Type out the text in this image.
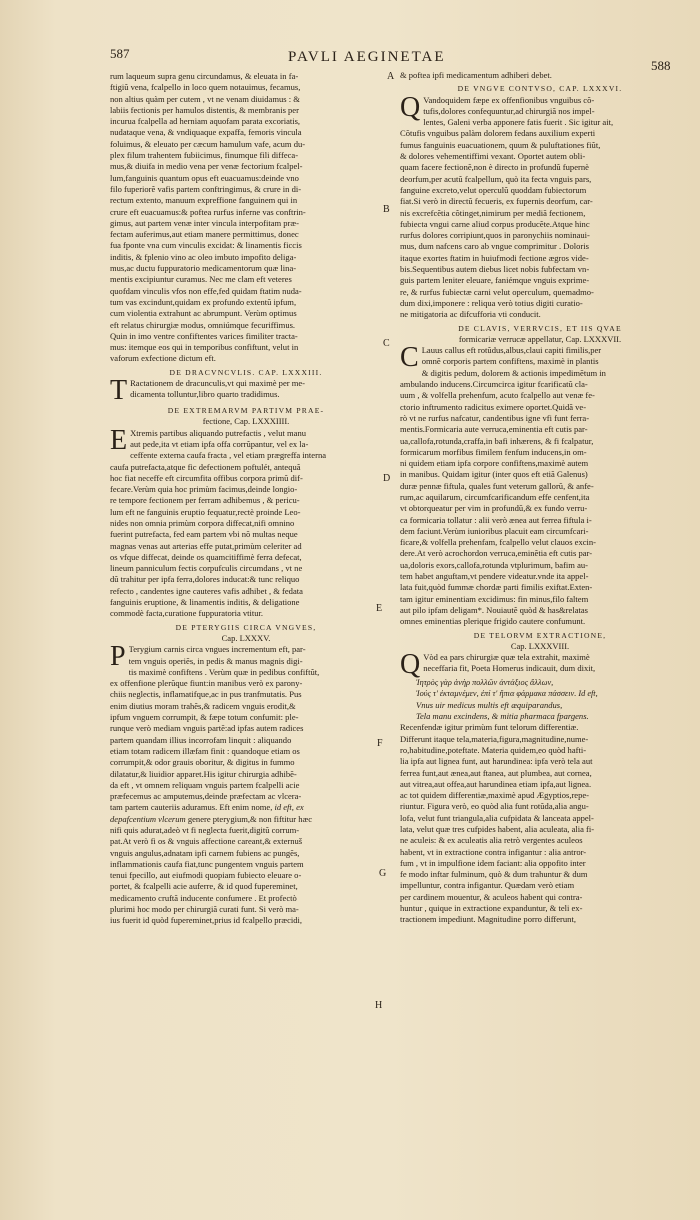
587	PAVLI AEGINETAE
588
A
B
C
D
E
F
G
H
rum laqueum supra genu circundamus, & eleuata in fa-
ftigiũ vena, fcalpello in loco quem notauimus, fecamus,
non altius quàm per cutem , vt ne venam diuidamus : &
labiis fectionis per hamulos distentis, & membranis per
incurua fcalpella ad herniam aquofam parata excoriatis,
nudataque vena, & vndiquaque expaffa, femoris vincula
foluimus, & eleuato per cæcum hamulum vafe, acum du-
plex filum trahentem fubiicimus, finumque fili diffeca-
mus,& diuifa in medio vena per venæ fectorium fcalpel-
lum,fanguinis quantum opus eft euacuamus:deinde vno
filo fuperiorẽ vafis partem conftringimus, & crure in di-
rectum extento, manuum expreffione fanguinem qui in
crure eft euacuamus:& poftea rurfus inferne vas conftrin-
gimus, aut partem venæ inter vincula interpofitam præ-
fectam auferimus,aut etiam manere permittimus, donec
fua fponte vna cum vinculis excidat: & linamentis ficcis
inditis, & fplenio vino ac oleo imbuto impofito deliga-
mus,ac ductu fuppuratorio medicamentorum quæ lina-
mentis excipiuntur curamus. Nec me clam eft veteres
quofdam vinculis vfos non effe,fed quidam ftatim nuda-
tum vas excindunt,quidam ex profundo extentũ ipfum,
cum violentia extrahunt ac abrumpunt. Verùm optimus
eft relatus chirurgiæ modus, omniúmque fecuriffimus.
Quin in imo ventre confiftentes varices fimiliter tracta-
mus: itemque eos qui in temporibus confiftunt, velut in
vaforum exfectione dictum eft.
DE DRACVNCVLIS. CAP. LXXXIII.
T Ractationem de dracunculis,vt qui maximè per me-
dicamenta tolluntur,libro quarto tradidimus.
DE EXTREMARVM PARTIVM PRAE-
fectione, Cap. LXXXIIII.
E Xtremis partibus aliquando putrefactis , velut manu
aut pede,ita vt etiam ipfa offa corrũpantur, vel ex la-
ceffente externa caufa fracta , vel etiam prægreffa interna
caufa putrefacta,atque fic defectionem poftulét, antequã
hoc fiat neceffe eft circumfita offibus corpora primũ dif-
fecare.Verùm quia hoc primùm facimus,deinde longio-
re tempore fectionem per ferram adhibemus , & pericu-
lum eft ne fanguinis eruptio fequatur,rectè proinde Leo-
nides non omnia primùm corpora diffecat,nifi omnino
fuerint putrefacta, fed eam partem vbi nõ multas neque
magnas venas aut arterias effe putat,primùm celeriter ad
os vfque diffecat, deinde os quamcitiffimè ferra defecat,
lineum panniculum fectis corpufculis circumdans , vt ne
dũ trahitur per ipfa ferra,dolores inducat:& tunc reliquo
refecto , candentes igne cauteres vafis adhibet , & fedata
fanguinis eruptione, & linamentis inditis, & deligatione
commodè facta,curatione fuppuratoria vtitur.
DE PTERYGIIS CIRCA VNGVES,
Cap. LXXXV.
P Terygium carnis circa vngues incrementum eft, par-
tem vnguis operiẽs, in pedis & manus magnis digi-
tis maximè confiftens . Verùm quæ in pedibus confiftũt,
ex offenfione plerũque fiunt:in manibus verò ex parony-
chiis neglectis, inflamatifque,ac in pus tranfmutatis. Pus
enim diutius moram trahẽs,& radicem vnguis erodit,&
ipfum vnguem corrumpit, & fæpe totum confumit: ple-
runque verò mediam vnguis partẽ:ad ipfas autem radices
partem quandam illius incorrofam linquit : aliquando
etiam totam radicem illæfam finit : quandoque etiam os
corrumpit,& odor grauis oboritur, & digitus in fummo
dilatatur,& liuidior apparet.His igitur chirurgia adhibẽ-
da eft , vt omnem reliquam vnguis partem fcalpelli acie
præfecemus ac amputemus,deinde præfectam ac vlcera-
tam partem cauteriis aduramus. Eft enim nome, id eft, ex
depafcentium vlcerum genere pterygium,& non fiftitur hæc
nifi quis adurat,adeò vt fi neglecta fuerit,digitũ corrum-
pat.At verò fi os & vnguis affectione careant,& externuš
vnguis angulus,adnatam ipfi carnem fubiens ac pungẽs,
inflammationis caufa fiat,tunc pungentem vnguis partem
tenui fpecillo, aut eiufmodi quopiam fubiecto eleuare o-
portet, & fcalpelli acie auferre, & id quod fupereminet,
medicamento cruftã inducente confumere . Et profectò
plurimi hoc modo per chirurgiã curati funt. Si verò ma-
ius fuerit id quòd fupereminet,prius id fcalpello præcidi,
& poftea ipfi medicamentum adhiberi debet.
DE VNGVE CONTVSO, CAP. LXXXVI.
Q Vandoquidem fæpe ex offenfionibus vnguibus cõ-
tufis,dolores confequuntur,ad chirurgiã nos impel-
lentes, Galeni verba apponere fatis fuerit . Sic igitur ait,
Cõtufis vnguibus palàm dolorem fedans auxilium experti
fumus fanguinis euacuationem, quum & puluftationes fiũt,
& dolores vehementiffimi vexant. Oportet autem obli-
quam facere fectionẽ,non è directo in profundũ fupernè
deorfum,per acutũ fcalpellum, quò ita fecta vnguis pars,
fanguine excreto,velut operculũ quoddam fubiectorum
fiat.Si verò in directũ fecueris, ex fupernis deorfum, car-
nis excrefcẽtia cõtinget,nimirum per mediã fectionem,
fubiecta vngui carne aliud corpus producẽte.Atque hinc
rurfus dolores corripiunt,quos in paronychiis nominaui-
mus, dum nafcens caro ab vngue comprimitur . Doloris
itaque exortes ftatim in huiufmodi fectione ægros vide-
bis.Sequentibus autem diebus licet nobis fubfectam vn-
guis partem leniter eleuare, faniémque vnguis exprime-
re, & rurfus fubiectæ carni velut operculum, quemadmo-
dum dixi,imponere : reliqua verò totius digiti curatio-
ne mitigatoria ac difcufforia vti conducit.
DE CLAVIS, VERRVCIS, ET IIS QVAE
formicariæ verrucæ appellatur, Cap. LXXXVII.
C Lauus callus eft rotũdus,albus,claui capiti fimilis,per
omnẽ corporis partem confiftens, maximè in plantis
& digitis pedum, dolorem & actionis impedimẽtum in
ambulando inducens.Circumcirca igitur fcarificatũ cla-
uum , & volfella prehenfum, acuto fcalpello aut venæ fe-
ctorio inftrumento radicitus eximere oportet.Quidã ve-
rò vt ne rurfus nafcatur, candentibus igne vfi funt ferra-
mentis.Formicaria aute verruca,eminentia eft cutis par-
ua,callofa,rotunda,craffa,in bafi inhærens, & fi fcalpatur,
formicarum morfibus fimilem fenfum inducens,in om-
ni quidem etiam ipfa corpore confiftens,maximè autem
in manibus. Quidam igitur (inter quos eft etiã Galenus)
duræ pennæ fiftula, quales funt veterum gallorũ, & anfe-
rum,ac aquilarum, circumfcarificandum effe cenfent,ita
vt obtorqueatur per vim in profundũ,& ex fundo verru-
ca formicaria tollatur : alii verò ænea aut ferrea fiftula i-
dem faciunt.Verùm iunioribus placuit eam circumfcari-
ficare,& volfella prehenfam, fcalpello velut clauos excin-
dere.At verò acrochordon verruca,eminẽtia eft cutis par-
ua,doloris exors,callofa,rotunda vtplurimum, bafim au-
tem habet anguftam,vt pendere videatur.vnde ita appel-
lata fuit,quòd fummæ chordæ parti fimilis exiftat.Exten-
tam igitur eminentiam excidimus: fin minus,filo faltem
aut pilo ipfam deligam*. Nouiautẽ quòd & has&relatas
omnes eminentias plerique frigido cautere confumunt.
DE TELORVM EXTRACTIONE,
Cap. LXXXVIII.
Q Vòd ea pars chirurgiæ quæ tela extrahit, maximè
neceffaria fit, Poeta Homerus indicauit, dum dixit,
Ἰητρὸς γὰρ ἀνὴρ πολλῶν ἀντάξιος ἄλλων,
Ἰούς τ' ἐκταμνέμεν, ἐπί τ' ἤπια φάρμακα πάσσειν. Id eft,
Vnus uir medicus multis eft æquiparandus,
Tela manu excindens, & mitia pharmaca fpargens.
Recenfendæ igitur primùm funt telorum differentiæ.
Differunt itaque tela,materia,figura,magnitudine,nume-
ro,habitudine,poteftate. Materia quidem,eo quòd hafti-
lia ipfa aut lignea funt, aut harundinea: ipfa verò tela aut
ferrea funt,aut ænea,aut ftanea, aut plumbea, aut cornea,
aut vitrea,aut offea,aut harundinea etiam ipfa,aut lignea.
ac tot quidem differentiæ,maximè apud Ægyptios,repe-
riuntur. Figura verò, eo quòd alia funt rotũda,alia angu-
lofa, velut funt triangula,alia cufpidata & lanceata appel-
lata, velut quæ tres cufpides habent, alia aculeata, alia fi-
ne aculeis: & ex aculeatis alia retrò vergentes aculeos
habent, vt in extractione contra infigantur : alia antror-
fum , vt in impulfione idem faciant: alia oppofito inter
fe modo inftar fulminum, quò & dum trahuntur & dum
impelluntur, contra infigantur. Quædam verò etiam
per cardinem mouentur, & aculeos habent qui contra-
huntur , quique in extractione expanduntur, & teli ex-
tractionem impediunt. Magnitudine porro differunt,
